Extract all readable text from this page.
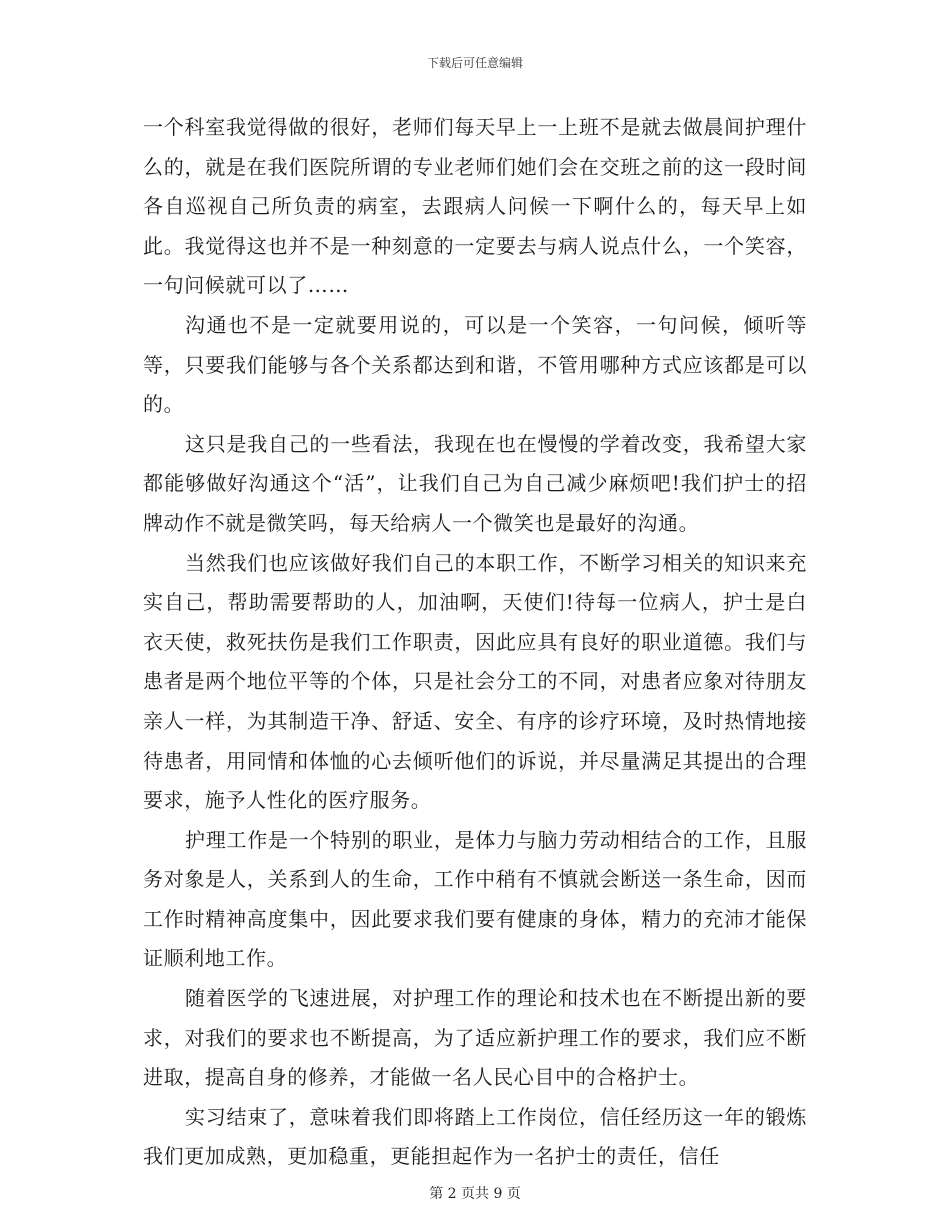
下载后可任意编辑

一个科室我觉得做的很好，老师们每天早上一上班不是就去做晨间护理什么的，就是在我们医院所谓的专业老师们她们会在交班之前的这一段时间各自巡视自己所负责的病室，去跟病人问候一下啊什么的，每天早上如此。我觉得这也并不是一种刻意的一定要去与病人说点什么，一个笑容，一句问候就可以了……

沟通也不是一定就要用说的，可以是一个笑容，一句问候，倾听等等，只要我们能够与各个关系都达到和谐，不管用哪种方式应该都是可以的。

这只是我自己的一些看法，我现在也在慢慢的学着改变，我希望大家都能够做好沟通这个“活”，让我们自己为自己减少麻烦吧!我们护士的招牌动作不就是微笑吗，每天给病人一个微笑也是最好的沟通。

当然我们也应该做好我们自己的本职工作，不断学习相关的知识来充实自己，帮助需要帮助的人，加油啊，天使们!待每一位病人，护士是白衣天使，救死扶伤是我们工作职责，因此应具有良好的职业道德。我们与患者是两个地位平等的个体，只是社会分工的不同，对患者应象对待朋友亲人一样，为其制造干净、舒适、安全、有序的诊疗环境，及时热情地接待患者，用同情和体恤的心去倾听他们的诉说，并尽量满足其提出的合理要求，施予人性化的医疗服务。

护理工作是一个特别的职业，是体力与脑力劳动相结合的工作，且服务对象是人，关系到人的生命，工作中稍有不慎就会断送一条生命，因而工作时精神高度集中，因此要求我们要有健康的身体，精力的充沛才能保证顺利地工作。

随着医学的飞速进展，对护理工作的理论和技术也在不断提出新的要求，对我们的要求也不断提高，为了适应新护理工作的要求，我们应不断进取，提高自身的修养，才能做一名人民心目中的合格护士。

实习结束了，意味着我们即将踏上工作岗位，信任经历这一年的锻炼我们更加成熟，更加稳重，更能担起作为一名护士的责任，信任

第 2 页共 9 页
